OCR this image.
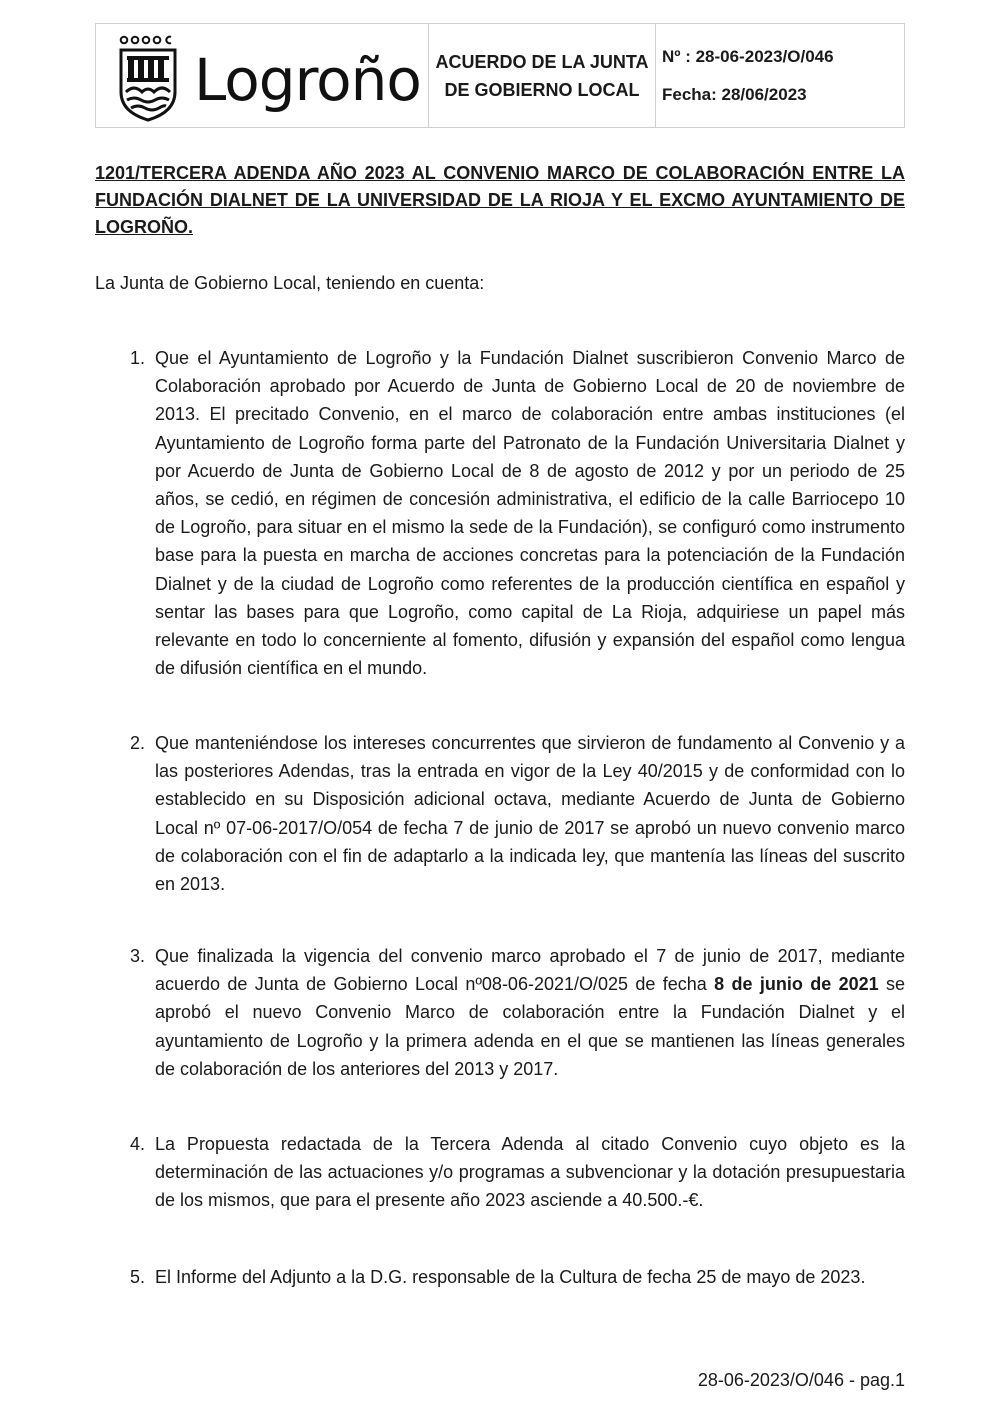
Logroño ACUERDO DE LA JUNTA DE GOBIERNO LOCAL
Nº : 28-06-2023/O/046
Fecha: 28/06/2023
1201/TERCERA ADENDA AÑO 2023 AL CONVENIO MARCO DE COLABORACIÓN ENTRE LA FUNDACIÓN DIALNET DE LA UNIVERSIDAD DE LA RIOJA Y EL EXCMO AYUNTAMIENTO DE LOGROÑO.
La Junta de Gobierno Local, teniendo en cuenta:
1. Que el Ayuntamiento de Logroño y la Fundación Dialnet suscribieron Convenio Marco de Colaboración aprobado por Acuerdo de Junta de Gobierno Local de 20 de noviembre de 2013. El precitado Convenio, en el marco de colaboración entre ambas instituciones (el Ayuntamiento de Logroño forma parte del Patronato de la Fundación Universitaria Dialnet y por Acuerdo de Junta de Gobierno Local de 8 de agosto de 2012 y por un periodo de 25 años, se cedió, en régimen de concesión administrativa, el edificio de la calle Barriocepo 10 de Logroño, para situar en el mismo la sede de la Fundación), se configuró como instrumento base para la puesta en marcha de acciones concretas para la potenciación de la Fundación Dialnet y de la ciudad de Logroño como referentes de la producción científica en español y sentar las bases para que Logroño, como capital de La Rioja, adquiriese un papel más relevante en todo lo concerniente al fomento, difusión y expansión del español como lengua de difusión científica en el mundo.
2. Que manteniéndose los intereses concurrentes que sirvieron de fundamento al Convenio y a las posteriores Adendas, tras la entrada en vigor de la Ley 40/2015 y de conformidad con lo establecido en su Disposición adicional octava, mediante Acuerdo de Junta de Gobierno Local nº 07-06-2017/O/054 de fecha 7 de junio de 2017 se aprobó un nuevo convenio marco de colaboración con el fin de adaptarlo a la indicada ley, que mantenía las líneas del suscrito en 2013.
3. Que finalizada la vigencia del convenio marco aprobado el 7 de junio de 2017, mediante acuerdo de Junta de Gobierno Local nº08-06-2021/O/025 de fecha 8 de junio de 2021 se aprobó el nuevo Convenio Marco de colaboración entre la Fundación Dialnet y el ayuntamiento de Logroño y la primera adenda en el que se mantienen las líneas generales de colaboración de los anteriores del 2013 y 2017.
4. La Propuesta redactada de la Tercera Adenda al citado Convenio cuyo objeto es la determinación de las actuaciones y/o programas a subvencionar y la dotación presupuestaria de los mismos, que para el presente año 2023 asciende a 40.500.-€.
5. El Informe del Adjunto a la D.G. responsable de la Cultura de fecha 25 de mayo de 2023.
28-06-2023/O/046 - pag.1
